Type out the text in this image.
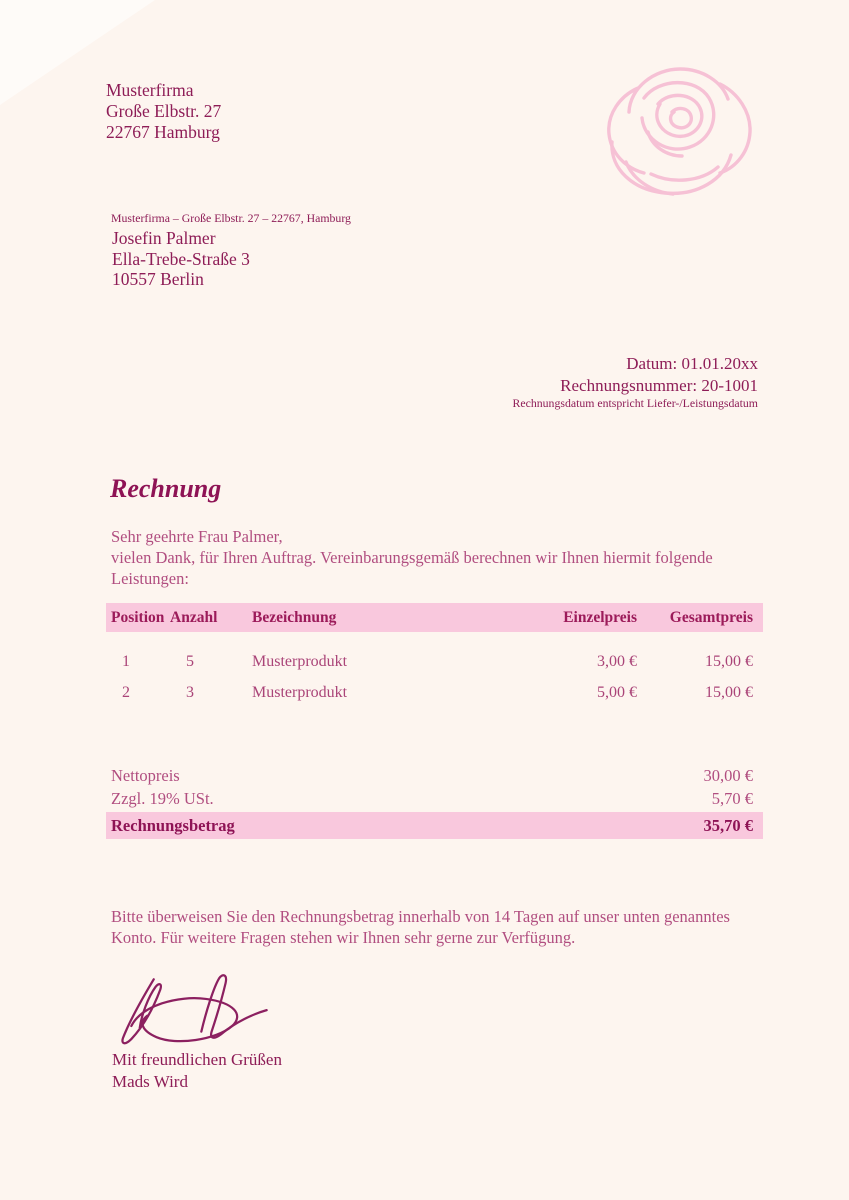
Musterfirma
Große Elbstr. 27
22767 Hamburg
Musterfirma – Große Elbstr. 27 – 22767, Hamburg
Josefin Palmer
Ella-Trebe-Straße 3
10557 Berlin
Datum: 01.01.20xx
Rechnungsnummer: 20-1001
Rechnungsdatum entspricht Liefer-/Leistungsdatum
Rechnung

Sehr geehrte Frau Palmer,

vielen Dank, für Ihren Auftrag. Vereinbarungsgemäß berechnen wir Ihnen hiermit folgende Leistungen:

Position Anzahl	Bezeichnung	Einzelpreis	Gesamtpreis
1	5	Musterprodukt	3,00 €	15,00 €
2	3	Musterprodukt	5,00 €	15,00 €
Nettopreis	30,00 €
Zzgl. 19% USt.	5,70 €
Rechnungsbetrag	35,70 €

Bitte überweisen Sie den Rechnungsbetrag innerhalb von 14 Tagen auf unser unten genanntes Konto. Für weitere Fragen stehen wir Ihnen sehr gerne zur Verfügung.

Mit freundlichen Grüßen
Mads Wird
